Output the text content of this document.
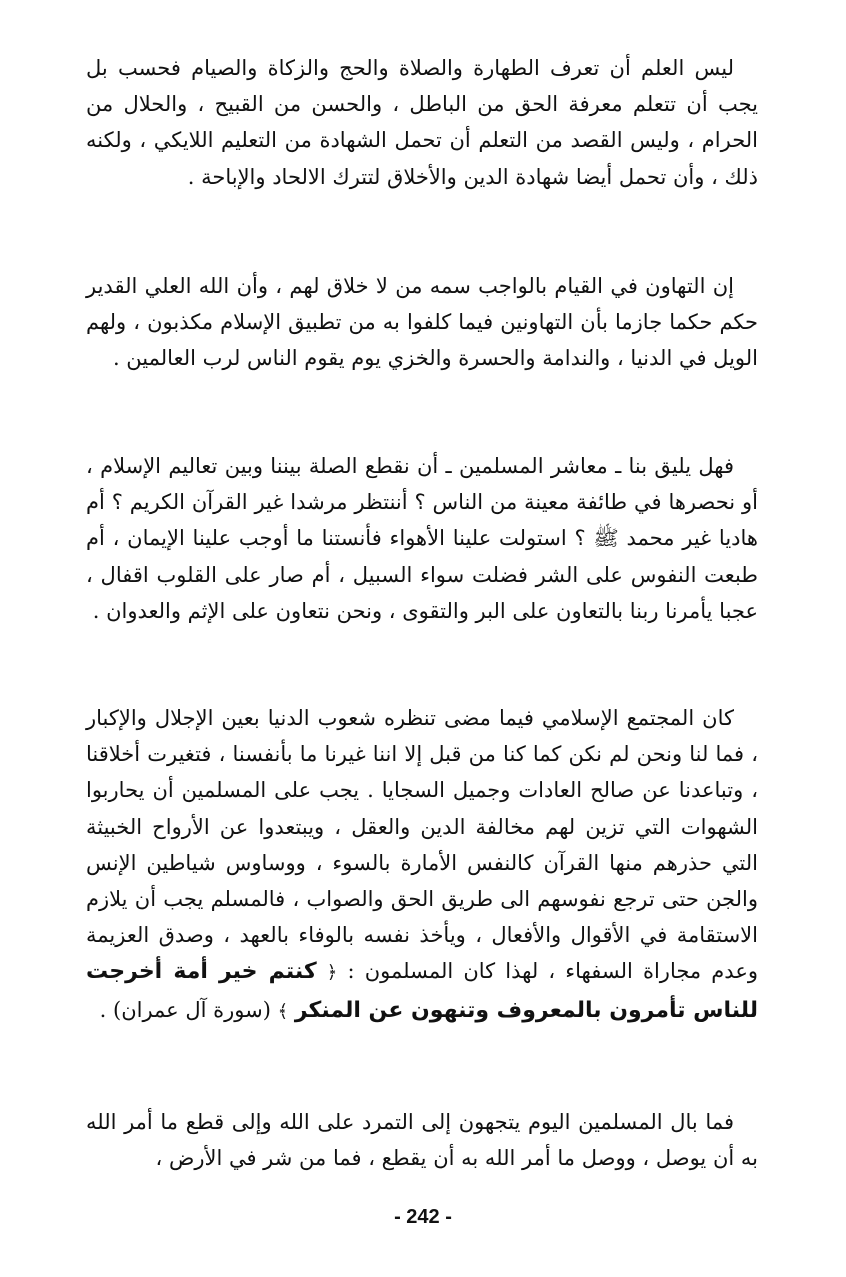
ليس العلم أن تعرف الطهارة والصلاة والحج والزكاة والصيام فحسب بل يجب أن تتعلم معرفة الحق من الباطل ، والحسن من القبيح ، والحلال من الحرام ، وليس القصد من التعلم أن تحمل الشهادة من التعليم اللايكي ، ولكنه ذلك ، وأن تحمل أيضا شهادة الدين والأخلاق لتترك الالحاد والإباحة .

إن التهاون في القيام بالواجب سمه من لا خلاق لهم ، وأن الله العلي القدير حكم حكما جازما بأن التهاونين فيما كلفوا به من تطبيق الإسلام مكذبون ، ولهم الويل في الدنيا ، والندامة والحسرة والخزي يوم يقوم الناس لرب العالمين .

فهل يليق بنا ـ معاشر المسلمين ـ أن نقطع الصلة بيننا وبين تعاليم الإسلام ، أو نحصرها في طائفة معينة من الناس ؟ أننتظر مرشدا غير القرآن الكريم ؟ أم هاديا غير محمد ﷺ ؟ استولت علينا الأهواء فأنستنا ما أوجب علينا الإيمان ، أم طبعت النفوس على الشر فضلت سواء السبيل ، أم صار على القلوب اقفال ، عجبا يأمرنا ربنا بالتعاون على البر والتقوى ، ونحن نتعاون على الإثم والعدوان .

كان المجتمع الإسلامي فيما مضى تنظره شعوب الدنيا بعين الإجلال والإكبار ، فما لنا ونحن لم نكن كما كنا من قبل إلا اننا غيرنا ما بأنفسنا ، فتغيرت أخلاقنا ، وتباعدنا عن صالح العادات وجميل السجايا . يجب على المسلمين أن يحاربوا الشهوات التي تزين لهم مخالفة الدين والعقل ، ويبتعدوا عن الأرواح الخبيثة التي حذرهم منها القرآن كالنفس الأمارة بالسوء ، ووساوس شياطين الإنس والجن حتى ترجع نفوسهم الى طريق الحق والصواب ، فالمسلم يجب أن يلازم الاستقامة في الأقوال والأفعال ، ويأخذ نفسه بالوفاء بالعهد ، وصدق العزيمة وعدم مجاراة السفهاء ، لهذا كان المسلمون : ﴿ كنتم خير أمة أخرجت للناس تأمرون بالمعروف وتنهون عن المنكر ﴾ (سورة آل عمران) .

فما بال المسلمين اليوم يتجهون إلى التمرد على الله وإلى قطع ما أمر الله به أن يوصل ، ووصل ما أمر الله به أن يقطع ، فما من شر في الأرض ،

- 242 -
